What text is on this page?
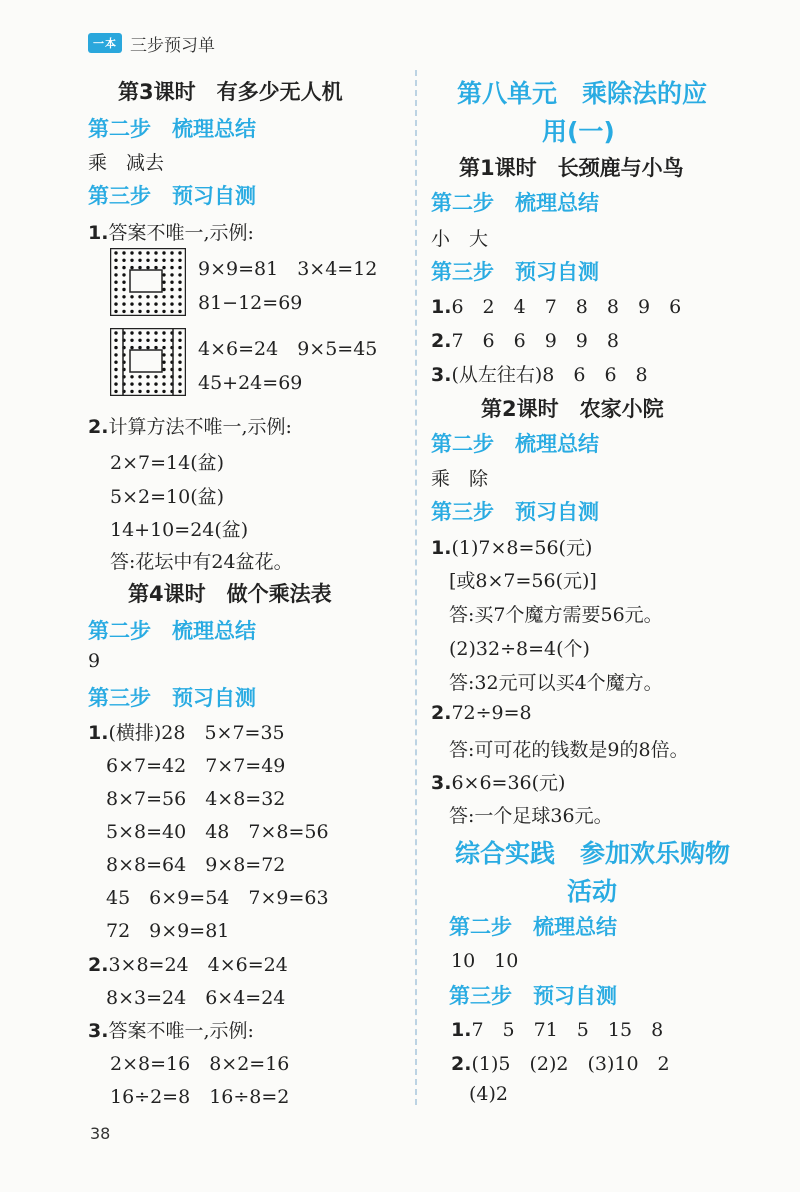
一本 三步预习单
第3课时　有多少无人机
第二步　梳理总结
乘　减去
第三步　预习自测
1.答案不唯一,示例:
9×9=81　3×4=12
81−12=69
4×6=24　9×5=45
45+24=69
2.计算方法不唯一,示例:
2×7=14(盆)
5×2=10(盆)
14+10=24(盆)
答:花坛中有24盆花。
第4课时　做个乘法表
第二步　梳理总结
9
第三步　预习自测
1.(横排)28　5×7=35
6×7=42　7×7=49
8×7=56　4×8=32
5×8=40　48　7×8=56
8×8=64　9×8=72
45　6×9=54　7×9=63
72　9×9=81
2.3×8=24　4×6=24
8×3=24　6×4=24
3.答案不唯一,示例:
2×8=16　8×2=16
16÷2=8　16÷8=2
第八单元　乘除法的应
用(一)
第1课时　长颈鹿与小鸟
第二步　梳理总结
小　大
第三步　预习自测
1.6　2　4　7　8　8　9　6
2.7　6　6　9　9　8
3.(从左往右)8　6　6　8
第2课时　农家小院
第二步　梳理总结
乘　除
第三步　预习自测
1.(1)7×8=56(元)
[或8×7=56(元)]
答:买7个魔方需要56元。
(2)32÷8=4(个)
答:32元可以买4个魔方。
2.72÷9=8
答:可可花的钱数是9的8倍。
3.6×6=36(元)
答:一个足球36元。
综合实践　参加欢乐购物
活动
第二步　梳理总结
10　10
第三步　预习自测
1.7　5　71　5　15　8
2.(1)5　(2)2　(3)10　2
(4)2
38
